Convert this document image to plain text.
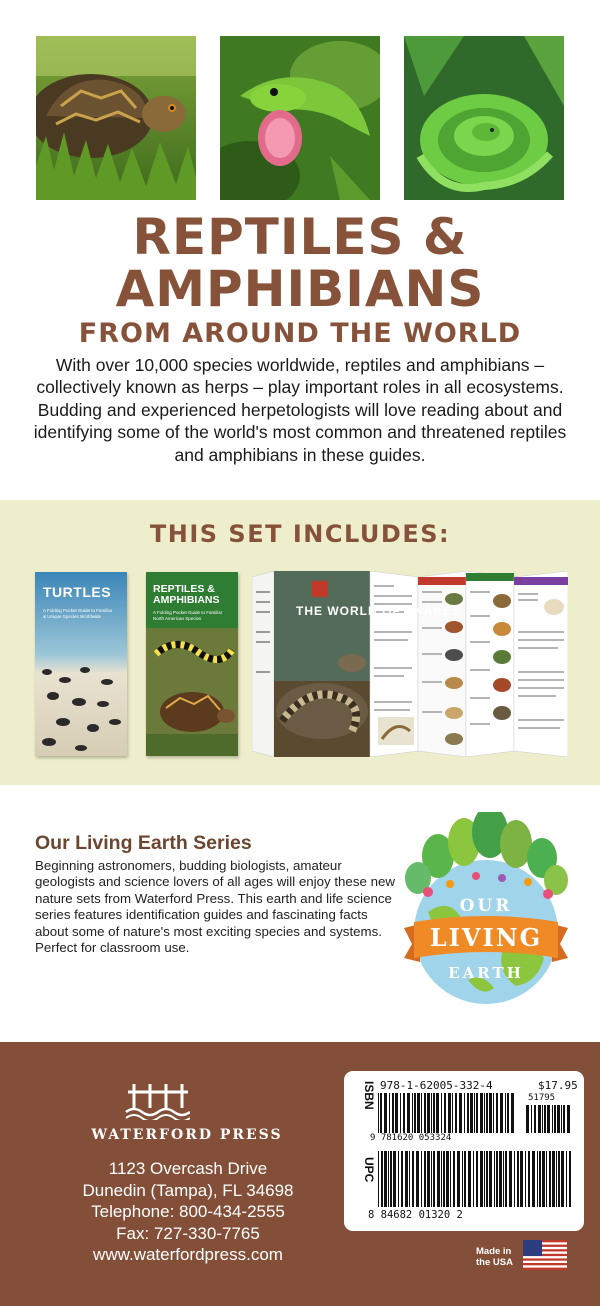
REPTILES &
AMPHIBIANS
FROM AROUND THE WORLD

With over 10,000 species worldwide, reptiles and amphibians – collectively known as herps – play important roles in all ecosystems. Budding and experienced herpetologists will love reading about and identifying some of the world's most common and threatened reptiles and amphibians in these guides.

THIS SET INCLUDES:
TURTLES
A Folding Pocket Guide to Familiar & Unique Species Worldwide
REPTILES & AMPHIBIANS
A Folding Pocket Guide to Familiar North American Species
THE WORLD OF SNAKES
Our Living Earth Series

Beginning astronomers, budding biologists, amateur geologists and science lovers of all ages will enjoy these new nature sets from Waterford Press. This earth and life science series features identification guides and fascinating facts about some of nature's most exciting species and systems. Perfect for classroom use.

OUR
LIVING
EARTH
WATERFORD PRESS
1123 Overcash Drive
Dunedin (Tampa), FL 34698
Telephone: 800-434-2555
Fax: 727-330-7765
www.waterfordpress.com
ISBN 978-1-62005-332-4	$17.95
51795
9 781620 053324
UPC
8 84682 01320 2
Made in
the USA
